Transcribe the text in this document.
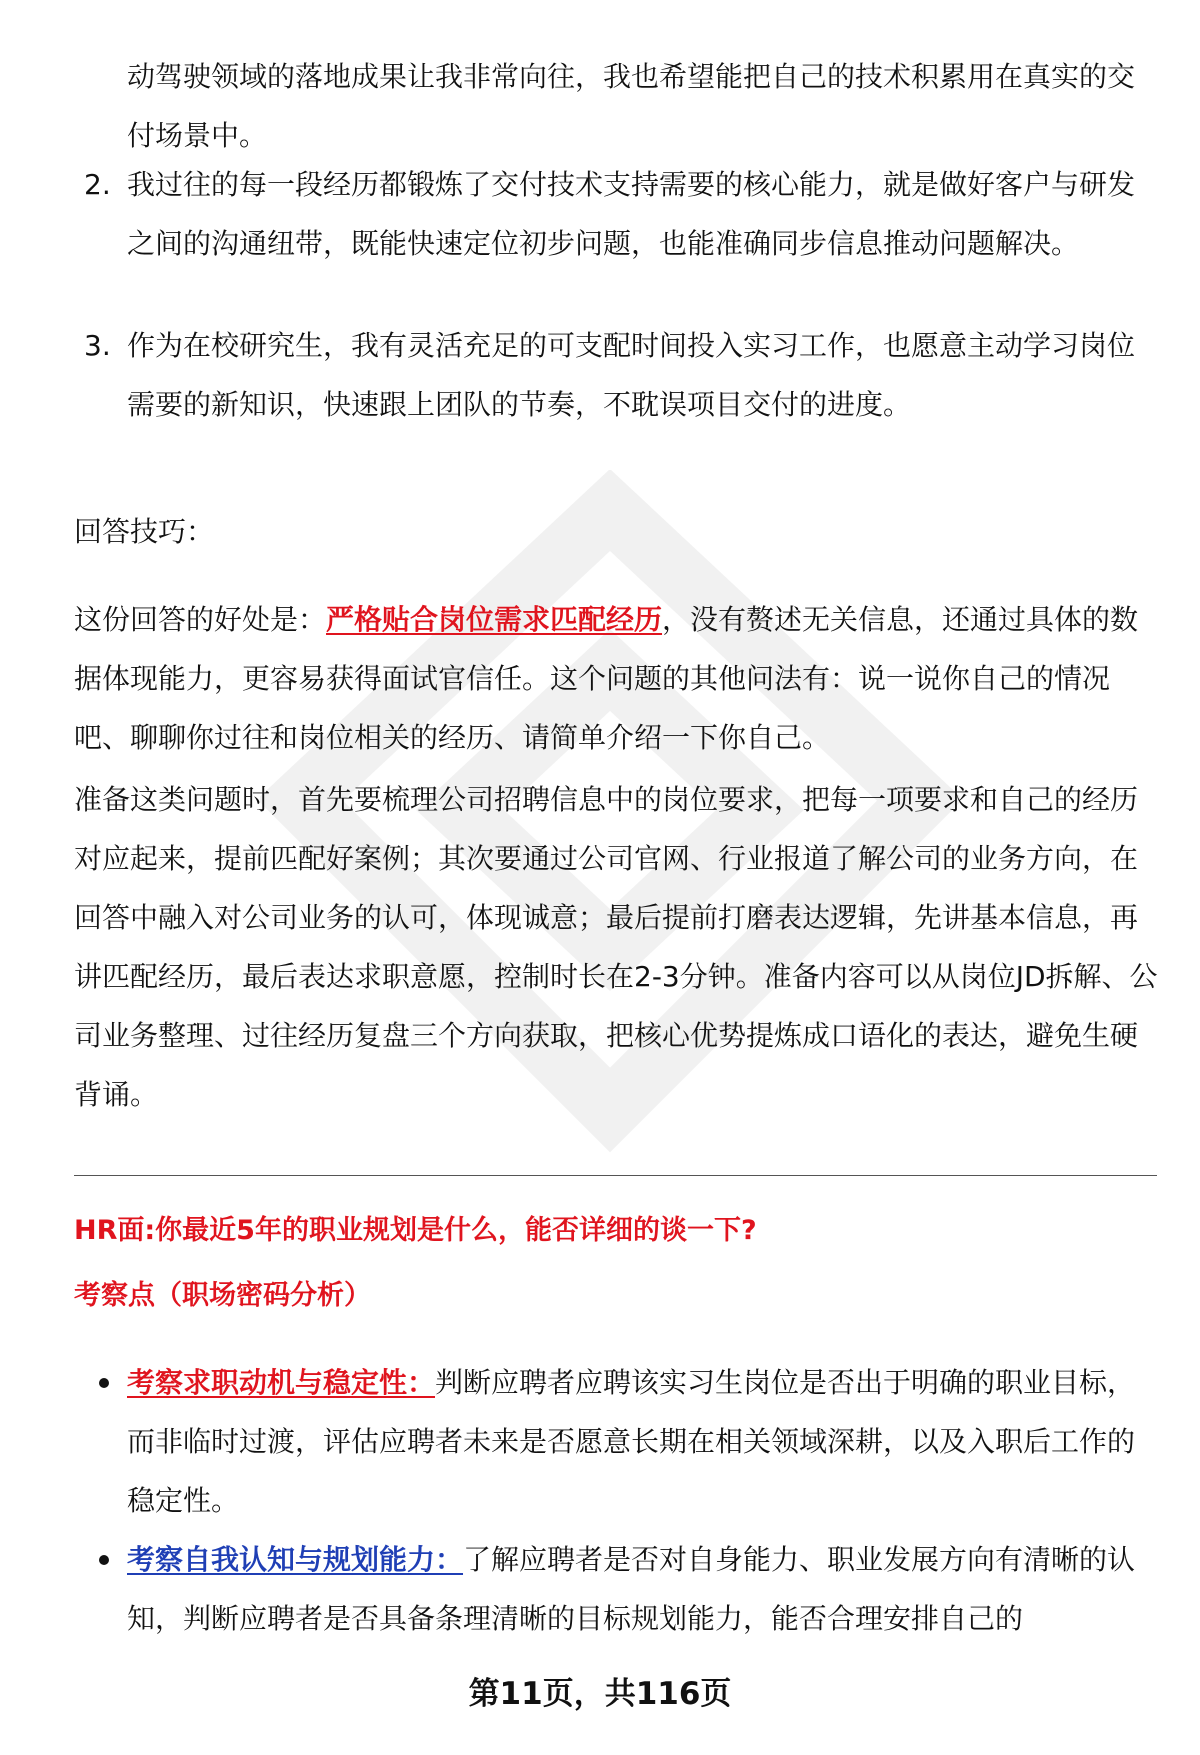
动驾驶领域的落地成果让我非常向往，我也希望能把自己的技术积累用在真实的交付场景中。

2. 我过往的每一段经历都锻炼了交付技术支持需要的核心能力，就是做好客户与研发之间的沟通纽带，既能快速定位初步问题，也能准确同步信息推动问题解决。

3. 作为在校研究生，我有灵活充足的可支配时间投入实习工作，也愿意主动学习岗位需要的新知识，快速跟上团队的节奏，不耽误项目交付的进度。

回答技巧：

这份回答的好处是：严格贴合岗位需求匹配经历，没有赘述无关信息，还通过具体的数据体现能力，更容易获得面试官信任。这个问题的其他问法有：说一说你自己的情况吧、聊聊你过往和岗位相关的经历、请简单介绍一下你自己。

准备这类问题时，首先要梳理公司招聘信息中的岗位要求，把每一项要求和自己的经历对应起来，提前匹配好案例；其次要通过公司官网、行业报道了解公司的业务方向，在回答中融入对公司业务的认可，体现诚意；最后提前打磨表达逻辑，先讲基本信息，再讲匹配经历，最后表达求职意愿，控制时长在2-3分钟。准备内容可以从岗位JD拆解、公司业务整理、过往经历复盘三个方向获取，把核心优势提炼成口语化的表达，避免生硬背诵。

HR面:你最近5年的职业规划是什么，能否详细的谈一下?

考察点（职场密码分析）

考察求职动机与稳定性：判断应聘者应聘该实习生岗位是否出于明确的职业目标，而非临时过渡，评估应聘者未来是否愿意长期在相关领域深耕，以及入职后工作的稳定性。

考察自我认知与规划能力：了解应聘者是否对自身能力、职业发展方向有清晰的认知，判断应聘者是否具备条理清晰的目标规划能力，能否合理安排自己的

第11页，共116页
